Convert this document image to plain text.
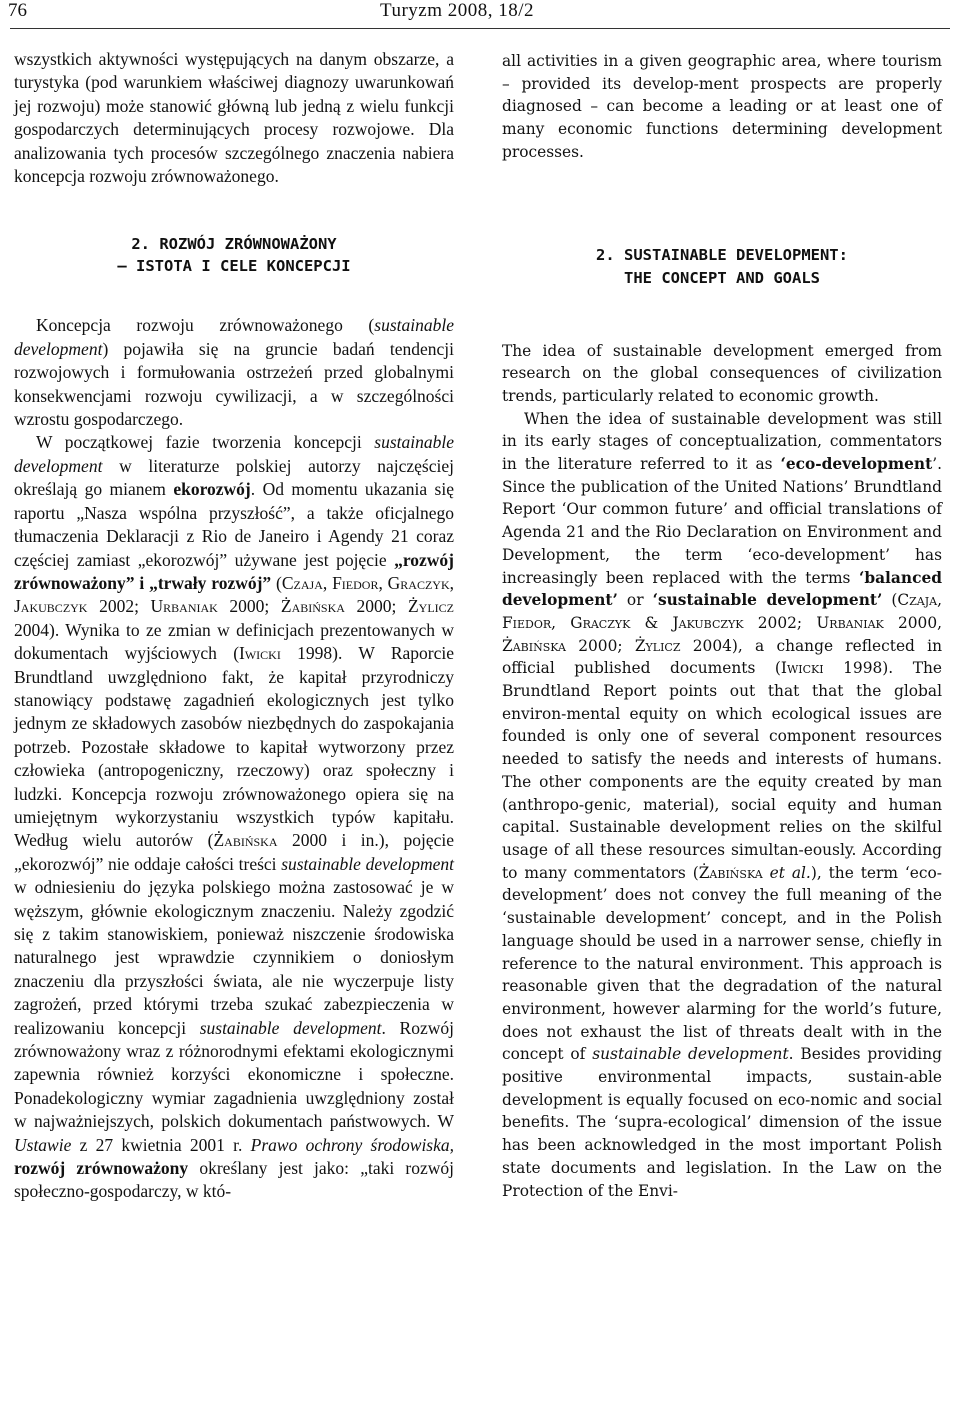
76	Turyzm 2008, 18/2

wszystkich aktywności występujących na danym obszarze, a turystyka (pod warunkiem właściwej diagnozy uwarunkowań jej rozwoju) może stanowić główną lub jedną z wielu funkcji gospodarczych determinujących procesy rozwojowe. Dla analizowania tych procesów szczególnego znaczenia nabiera koncepcja rozwoju zrównoważonego.

2. ROZWÓJ ZRÓWNOWAŻONY
– ISTOTA I CELE KONCEPCJI

Koncepcja rozwoju zrównoważonego (sustainable development) pojawiła się na gruncie badań tendencji rozwojowych i formułowania ostrzeżeń przed globalnymi konsekwencjami rozwoju cywilizacji, a w szczególności wzrostu gospodarczego.

W początkowej fazie tworzenia koncepcji sustainable development w literaturze polskiej autorzy najczęściej określają go mianem ekorozwój. Od momentu ukazania się raportu „Nasza wspólna przyszłość”, a także oficjalnego tłumaczenia Deklaracji z Rio de Janeiro i Agendy 21 coraz częściej zamiast „ekorozwój” używane jest pojęcie „rozwój zrównoważony” i „trwały rozwój” (Czaja, Fiedor, Graczyk, Jakubczyk 2002; Urbaniak 2000; Żabińska 2000; Żylicz 2004). Wynika to ze zmian w definicjach prezentowanych w dokumentach wyjściowych (Iwicki 1998). W Raporcie Brundtland uwzględniono fakt, że kapitał przyrodniczy stanowiący podstawę zagadnień ekologicznych jest tylko jednym ze składowych zasobów niezbędnych do zaspokajania potrzeb. Pozostałe składowe to kapitał wytworzony przez człowieka (antropogeniczny, rzeczowy) oraz społeczny i ludzki. Koncepcja rozwoju zrównoważonego opiera się na umiejętnym wykorzystaniu wszystkich typów kapitału. Według wielu autorów (Żabińska 2000 i in.), pojęcie „ekorozwój” nie oddaje całości treści sustainable development w odniesieniu do języka polskiego można zastosować je w węższym, głównie ekologicznym znaczeniu. Należy zgodzić się z takim stanowiskiem, ponieważ niszczenie środowiska naturalnego jest wprawdzie czynnikiem o doniosłym znaczeniu dla przyszłości świata, ale nie wyczerpuje listy zagrożeń, przed którymi trzeba szukać zabezpieczenia w realizowaniu koncepcji sustainable development. Rozwój zrównoważony wraz z różnorodnymi efektami ekologicznymi zapewnia również korzyści ekonomiczne i społeczne. Ponadekologiczny wymiar zagadnienia uwzględniony został w najważniejszych, polskich dokumentach państwowych. W Ustawie z 27 kwietnia 2001 r. Prawo ochrony środowiska, rozwój zrównoważony określany jest jako: „taki rozwój społeczno-gospodarczy, w któ-

all activities in a given geographic area, where tourism – provided its develop-ment prospects are properly diagnosed – can become a leading or at least one of many economic functions determining development processes.

2. SUSTAINABLE DEVELOPMENT:
THE CONCEPT AND GOALS

The idea of sustainable development emerged from research on the global consequences of civilization trends, particularly related to economic growth.

When the idea of sustainable development was still in its early stages of conceptualization, commentators in the literature referred to it as ‘eco-development’. Since the publication of the United Nations’ Brundtland Report ‘Our common future’ and official translations of Agenda 21 and the Rio Declaration on Environment and Development, the term ‘eco-development’ has increasingly been replaced with the terms ‘balanced development’ or ‘sustainable development’ (Czaja, Fiedor, Graczyk & Jakubczyk 2002; Urbaniak 2000, Żabińska 2000; Żylicz 2004), a change reflected in official published documents (Iwicki 1998). The Brundtland Report points out that that the global environ-mental equity on which ecological issues are founded is only one of several component resources needed to satisfy the needs and interests of humans. The other components are the equity created by man (anthropo-genic, material), social equity and human capital. Sustainable development relies on the skilful usage of all these resources simultan-eously. According to many commentators (Żabińska et al.), the term ‘eco-development’ does not convey the full meaning of the ‘sustainable development’ concept, and in the Polish language should be used in a narrower sense, chiefly in reference to the natural environment. This approach is reasonable given that the degradation of the natural environment, however alarming for the world’s future, does not exhaust the list of threats dealt with in the concept of sustainable development. Besides providing positive environmental impacts, sustain-able development is equally focused on eco-nomic and social benefits. The ‘supra-ecological’ dimension of the issue has been acknowledged in the most important Polish state documents and legislation. In the Law on the Protection of the Envi-
